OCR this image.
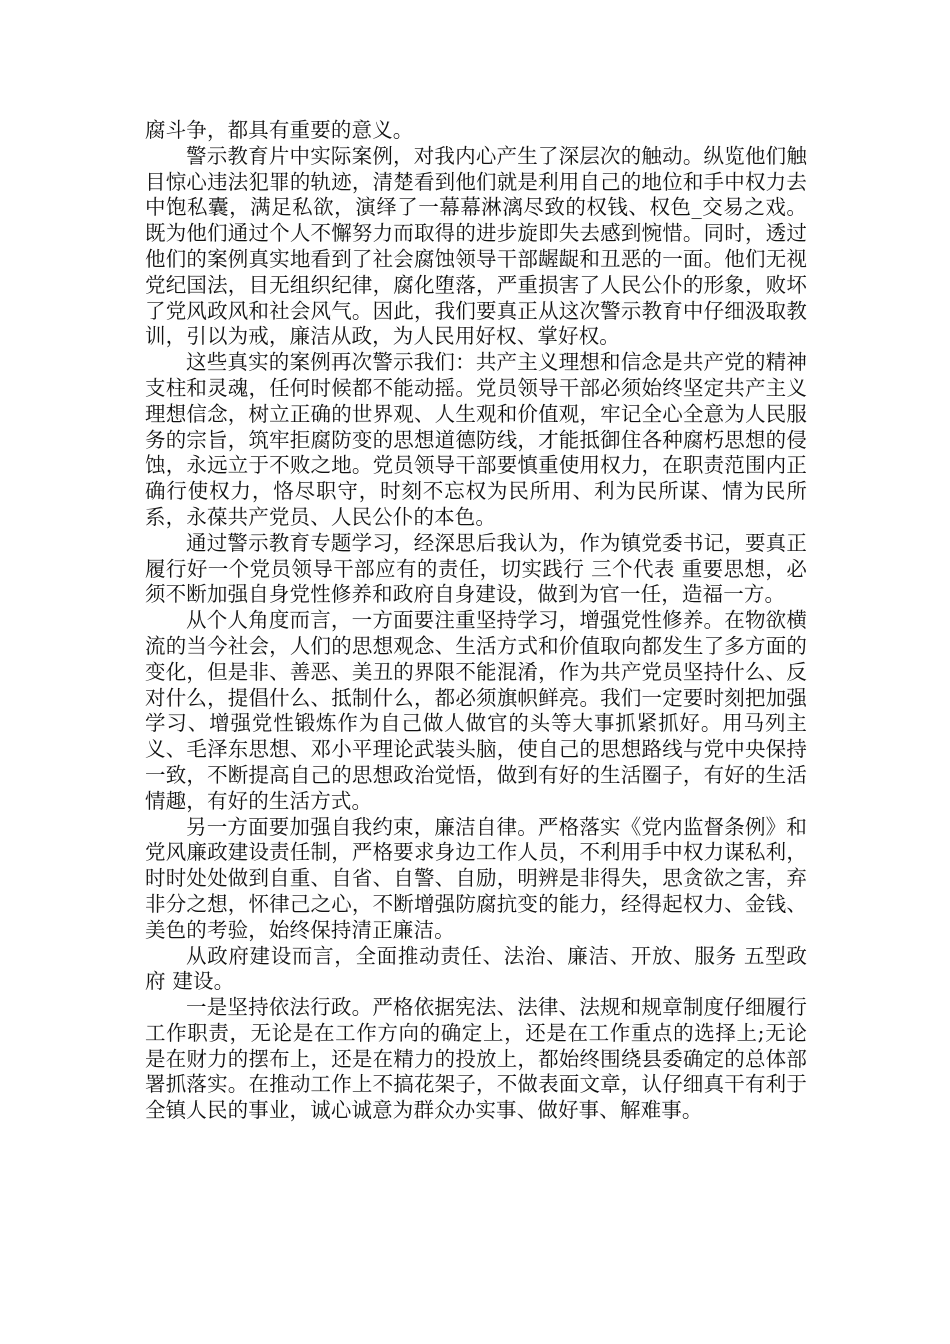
腐斗争，都具有重要的意义。

警示教育片中实际案例，对我内心产生了深层次的触动。纵览他们触目惊心违法犯罪的轨迹，清楚看到他们就是利用自己的地位和手中权力去中饱私囊，满足私欲，演绎了一幕幕淋漓尽致的权钱、权色_交易之戏。既为他们通过个人不懈努力而取得的进步旋即失去感到惋惜。同时，透过他们的案例真实地看到了社会腐蚀领导干部龌龊和丑恶的一面。他们无视党纪国法，目无组织纪律，腐化堕落，严重损害了人民公仆的形象，败坏了党风政风和社会风气。因此，我们要真正从这次警示教育中仔细汲取教训，引以为戒，廉洁从政，为人民用好权、掌好权。

这些真实的案例再次警示我们：共产主义理想和信念是共产党的精神支柱和灵魂，任何时候都不能动摇。党员领导干部必须始终坚定共产主义理想信念，树立正确的世界观、人生观和价值观，牢记全心全意为人民服务的宗旨，筑牢拒腐防变的思想道德防线，才能抵御住各种腐朽思想的侵蚀，永远立于不败之地。党员领导干部要慎重使用权力，在职责范围内正确行使权力，恪尽职守，时刻不忘权为民所用、利为民所谋、情为民所系，永葆共产党员、人民公仆的本色。

通过警示教育专题学习，经深思后我认为，作为镇党委书记，要真正履行好一个党员领导干部应有的责任，切实践行 三个代表 重要思想，必须不断加强自身党性修养和政府自身建设，做到为官一任，造福一方。

从个人角度而言，一方面要注重坚持学习，增强党性修养。在物欲横流的当今社会，人们的思想观念、生活方式和价值取向都发生了多方面的变化，但是非、善恶、美丑的界限不能混淆，作为共产党员坚持什么、反对什么，提倡什么、抵制什么，都必须旗帜鲜亮。我们一定要时刻把加强学习、增强党性锻炼作为自己做人做官的头等大事抓紧抓好。用马列主义、毛泽东思想、邓小平理论武装头脑，使自己的思想路线与党中央保持一致，不断提高自己的思想政治觉悟，做到有好的生活圈子，有好的生活情趣，有好的生活方式。

另一方面要加强自我约束，廉洁自律。严格落实《党内监督条例》和党风廉政建设责任制，严格要求身边工作人员，不利用手中权力谋私利，时时处处做到自重、自省、自警、自励，明辨是非得失，思贪欲之害，弃非分之想，怀律己之心，不断增强防腐抗变的能力，经得起权力、金钱、美色的考验，始终保持清正廉洁。

从政府建设而言，全面推动责任、法治、廉洁、开放、服务 五型政府 建设。

一是坚持依法行政。严格依据宪法、法律、法规和规章制度仔细履行工作职责，无论是在工作方向的确定上，还是在工作重点的选择上;无论是在财力的摆布上，还是在精力的投放上，都始终围绕县委确定的总体部署抓落实。在推动工作上不搞花架子，不做表面文章，认仔细真干有利于全镇人民的事业，诚心诚意为群众办实事、做好事、解难事。
